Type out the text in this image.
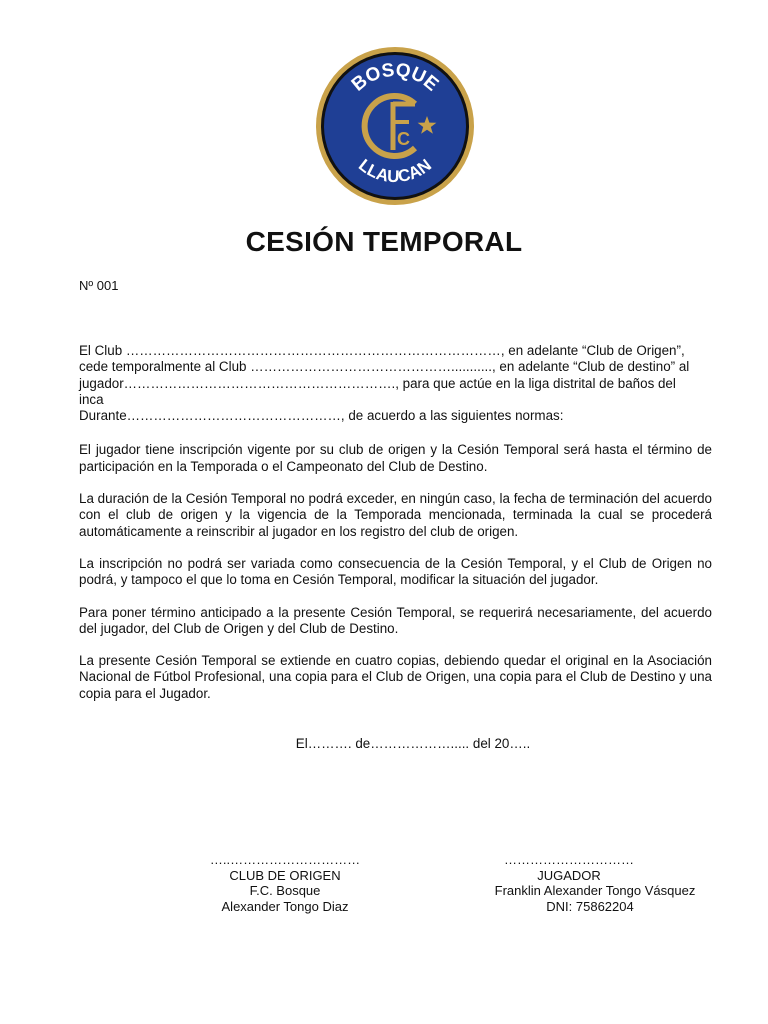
BOSQUE
LLAUCAN
C
CESIÓN TEMPORAL
Nº 001

El Club …………………………………………………………………………, en adelante “Club de Origen”,
cede temporalmente al Club ………………………………………..........., en adelante “Club de destino” al
jugador……………………………………………………., para que actúe en la liga distrital de baños del
inca
Durante…………………………………………, de acuerdo a las siguientes normas:

El jugador tiene inscripción vigente por su club de origen y la Cesión Temporal será hasta el término de participación en la Temporada o el Campeonato del Club de Destino.

La duración de la Cesión Temporal no podrá exceder, en ningún caso, la fecha de terminación del acuerdo con el club de origen y la vigencia de la Temporada mencionada, terminada la cual se procederá automáticamente a reinscribir al jugador en los registro del club de origen.

La inscripción no podrá ser variada como consecuencia de la Cesión Temporal, y el Club de Origen no podrá, y tampoco el que lo toma en Cesión Temporal, modificar la situación del jugador.

Para poner término anticipado a la presente Cesión Temporal, se requerirá necesariamente, del acuerdo del jugador, del Club de Origen y del Club de Destino.

La presente Cesión Temporal se extiende en cuatro copias, debiendo quedar el original en la Asociación Nacional de Fútbol Profesional, una copia para el Club de Origen, una copia para el Club de Destino y una copia para el Jugador.

El………. de………………..... del 20…..
…..…………………………
CLUB DE ORIGEN
F.C. Bosque
Alexander Tongo Diaz
…………………………
JUGADOR
Franklin Alexander Tongo Vásquez
DNI: 75862204
